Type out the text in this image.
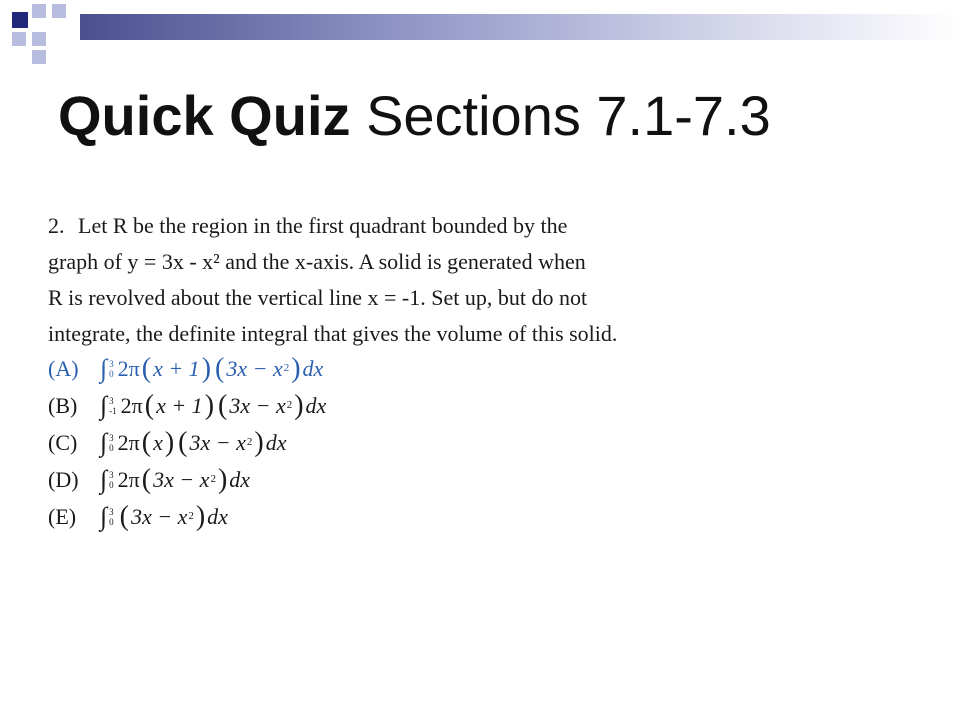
Quick Quiz Sections 7.1-7.3
2. Let R be the region in the first quadrant bounded by the
graph of y = 3x - x² and the x-axis. A solid is generated when
R is revolved about the vertical line x = -1. Set up, but do not
integrate, the definite integral that gives the volume of this solid.
(A) ∫ 3
0 2π ( x + 1 ) ( 3x − x 2 ) dx
(B) ∫ 3
-1 2π ( x + 1 ) ( 3x − x 2 ) dx
(C) ∫ 3
0 2π ( x ) ( 3x − x 2 ) dx
(D) ∫ 3
0 2π ( 3x − x 2 ) dx
(E) ∫ 3
0 ( 3x − x 2 ) dx
